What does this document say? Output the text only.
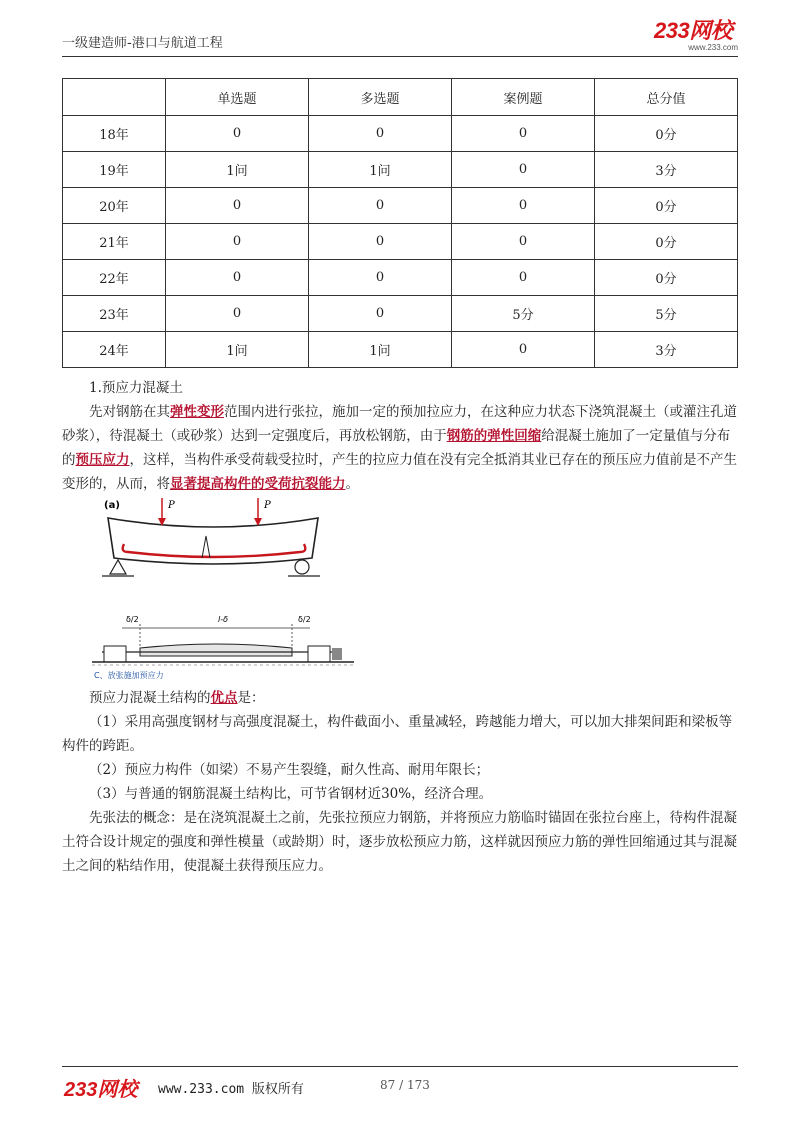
一级建造师-港口与航道工程
233网校
www.233.com
	单选题	多选题	案例题	总分值
18年	0	0	0	0分
19年	1问	1问	0	3分
20年	0	0	0	0分
21年	0	0	0	0分
22年	0	0	0	0分
23年	0	0	5分	5分
24年	1问	1问	0	3分

1.预应力混凝土

先对钢筋在其弹性变形范围内进行张拉，施加一定的预加拉应力，在这种应力状态下浇筑混凝土（或灌注孔道砂浆），待混凝土（或砂浆）达到一定强度后，再放松钢筋，由于钢筋的弹性回缩给混凝土施加了一定量值与分布的预压应力，这样，当构件承受荷载受拉时，产生的拉应力值在没有完全抵消其业已存在的预压应力值前是不产生变形的，从而，将显著提高构件的受荷抗裂能力。

(a)	P	P
δ/2	l-δ	δ/2
C、放张施加预应力

预应力混凝土结构的优点是：

（1）采用高强度钢材与高强度混凝土，构件截面小、重量减轻，跨越能力增大，可以加大排架间距和梁板等构件的跨距。

（2）预应力构件（如梁）不易产生裂缝，耐久性高、耐用年限长；

（3）与普通的钢筋混凝土结构比，可节省钢材近30%，经济合理。

先张法的概念：是在浇筑混凝土之前，先张拉预应力钢筋，并将预应力筋临时锚固在张拉台座上，待构件混凝土符合设计规定的强度和弹性模量（或龄期）时，逐步放松预应力筋，这样就因预应力筋的弹性回缩通过其与混凝土之间的粘结作用，使混凝土获得预压应力。

233网校 www.233.com 版权所有	87 / 173
